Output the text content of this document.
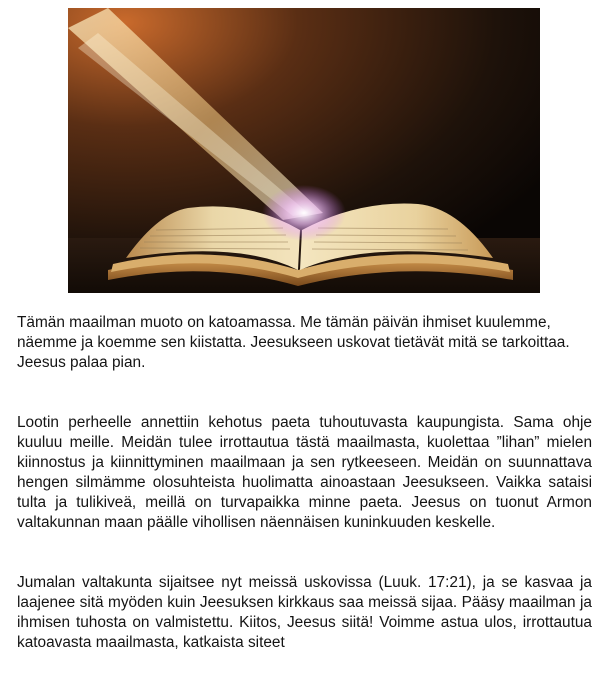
Tämän maailman muoto on katoamassa. Me tämän päivän ihmiset kuulemme, näemme ja koemme sen kiistatta. Jeesukseen uskovat tietävät mitä se tarkoittaa. Jeesus palaa pian.

Lootin perheelle annettiin kehotus paeta tuhoutuvasta kaupungista. Sama ohje kuuluu meille. Meidän tulee irrottautua tästä maailmasta, kuolettaa ”lihan” mielen kiinnostus ja kiinnittyminen maailmaan ja sen rytkeeseen. Meidän on suunnattava hengen silmämme olosuhteista huolimatta ainoastaan Jeesukseen. Vaikka sataisi tulta ja tulikiveä, meillä on turvapaikka minne paeta. Jeesus on tuonut Armon valtakunnan maan päälle vihollisen näennäisen kuninkuuden keskelle.

Jumalan valtakunta sijaitsee nyt meissä uskovissa (Luuk. 17:21), ja se kasvaa ja laajenee sitä myöden kuin Jeesuksen kirkkaus saa meissä sijaa. Pääsy maailman ja ihmisen tuhosta on valmistettu. Kiitos, Jeesus siitä! Voimme astua ulos, irrottautua katoavasta maailmasta, katkaista siteet
